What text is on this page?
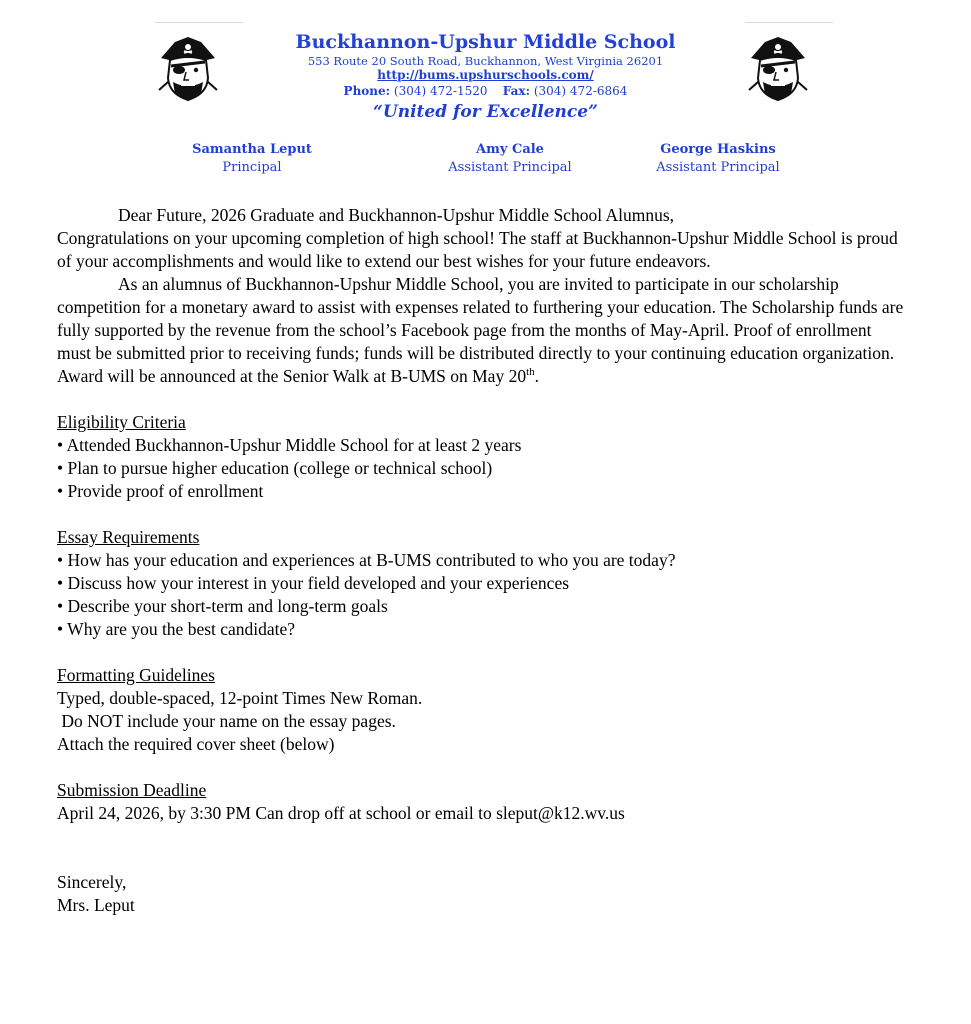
Buckhannon-Upshur Middle School
553 Route 20 South Road, Buckhannon, West Virginia 26201
http://bums.upshurschools.com/
Phone: (304) 472-1520 Fax: (304) 472-6864
“United for Excellence”
Samantha Leput
Principal
Amy Cale
Assistant Principal
George Haskins
Assistant Principal

Dear Future, 2026 Graduate and Buckhannon-Upshur Middle School Alumnus,

Congratulations on your upcoming completion of high school! The staff at Buckhannon-Upshur Middle School is proud of your accomplishments and would like to extend our best wishes for your future endeavors.

As an alumnus of Buckhannon-Upshur Middle School, you are invited to participate in our scholarship competition for a monetary award to assist with expenses related to furthering your education. The Scholarship funds are fully supported by the revenue from the school’s Facebook page from the months of May-April. Proof of enrollment must be submitted prior to receiving funds; funds will be distributed directly to your continuing education organization. Award will be announced at the Senior Walk at B-UMS on May 20th.

Eligibility Criteria

• Attended Buckhannon-Upshur Middle School for at least 2 years

• Plan to pursue higher education (college or technical school)

• Provide proof of enrollment

Essay Requirements

• How has your education and experiences at B-UMS contributed to who you are today?

• Discuss how your interest in your field developed and your experiences

• Describe your short-term and long-term goals

• Why are you the best candidate?

Formatting Guidelines

Typed, double-spaced, 12-point Times New Roman.

Do NOT include your name on the essay pages.

Attach the required cover sheet (below)

Submission Deadline

April 24, 2026, by 3:30 PM Can drop off at school or email to sleput@k12.wv.us

Sincerely,

Mrs. Leput
